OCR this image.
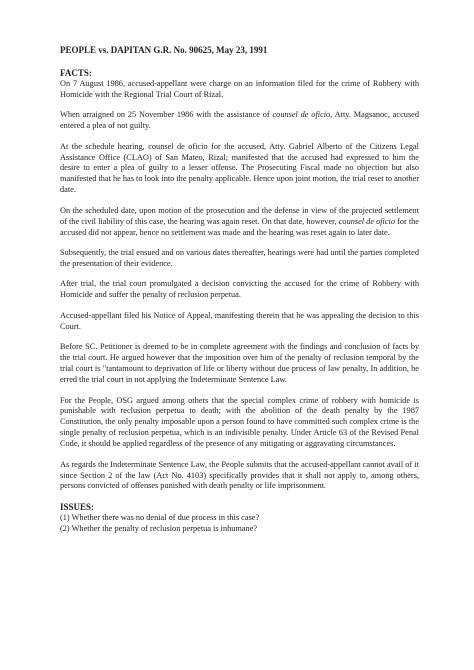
PEOPLE vs. DAPITAN G.R. No. 90625, May 23, 1991
FACTS:

On 7 August 1986, accused-appellant were charge on an information filed for the crime of Robbery with Homicide with the Regional Trial Court of Rizal.

When arraigned on 25 November 1986 with the assistance of counsel de oficio, Atty. Magsanoc, accused entered a plea of not guilty.

At the schedule hearing, counsel de oficio for the accused, Atty. Gabriel Alberto of the Citizens Legal Assistance Office (CLAO) of San Mateo, Rizal; manifested that the accused had expressed to him the desire to enter a plea of guilty to a lesser offense. The Prosecuting Fiscal made no objection but also manifested that he has to look into the penalty applicable. Hence upon joint motion, the trial reset to another date.

On the scheduled date, upon motion of the prosecution and the defense in view of the projected settlement of the civil liability of this case, the hearing was again reset. On that date, however, counsel de oficio for the accused did not appear, hence no settlement was made and the hearing was reset again to later date.

Subsequently, the trial ensued and on various dates thereafter, hearings were had until the parties completed the presentation of their evidence.

After trial, the trial court promulgated a decision convicting the accused for the crime of Robbery with Homicide and suffer the penalty of reclusion perpetua.

Accused-appellant filed his Notice of Appeal, manifesting therein that he was appealing the decision to this Court.

Before SC. Petitioner is deemed to be in complete agreement with the findings and conclusion of facts by the trial court. He argued however that the imposition over him of the penalty of reclusion temporal by the trial court is "tantamount to deprivation of life or liberty without due process of law penalty, In addition, he erred the trial court in not applying the Indeterminate Sentence Law.

For the People, OSG argued among others that the special complex crime of robbery with homicide is punishable with reclusion perpetua to death; with the abolition of the death penalty by the 1987 Constitution, the only penalty imposable upon a person found to have committed such complex crime is the single penalty of reclusion perpetua, which is an indivisible penalty. Under Article 63 of the Revised Penal Code, it should be applied regardless of the presence of any mitigating or aggravating circumstances.

As regards the Indeterminate Sentence Law, the People submits that the accused-appellant cannot avail of it since Section 2 of the law (Act No. 4103) specifically provides that it shall not apply to, among others, persons convicted of offenses punished with death penalty or life imprisonment.

ISSUES:

(1) Whether there was no denial of due process in this case?

(2) Whether the penalty of reclusion perpetua is inhumane?
